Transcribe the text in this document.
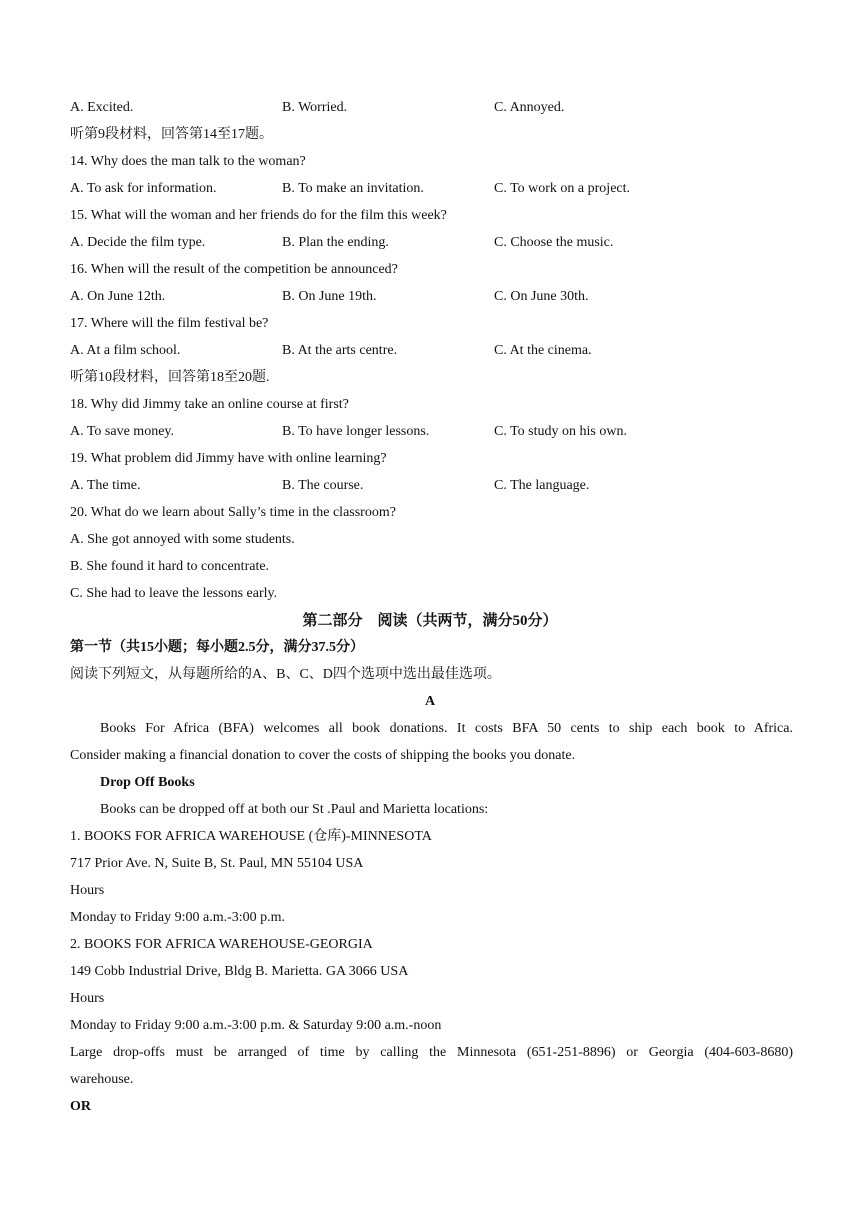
A. Excited.	B. Worried.	C. Annoyed.
听第9段材料，回答第14至17题。
14. Why does the man talk to the woman?
A. To ask for information.	B. To make an invitation.	C. To work on a project.
15. What will the woman and her friends do for the film this week?
A. Decide the film type.	B. Plan the ending.	C. Choose the music.
16. When will the result of the competition be announced?
A. On June 12th.	B. On June 19th.	C. On June 30th.
17. Where will the film festival be?
A. At a film school.	B. At the arts centre.	C. At the cinema.
听第10段材料，回答第18至20题.
18. Why did Jimmy take an online course at first?
A. To save money.	B. To have longer lessons.	C. To study on his own.
19. What problem did Jimmy have with online learning?
A. The time.	B. The course.	C. The language.
20. What do we learn about Sally’s time in the classroom?
A. She got annoyed with some students.
B. She found it hard to concentrate.
C. She had to leave the lessons early.
第二部分　阅读（共两节，满分50分）
第一节（共15小题；每小题2.5分，满分37.5分）
阅读下列短文，从每题所给的A、B、C、D四个选项中选出最佳选项。
A
Books For Africa (BFA) welcomes all book donations. It costs BFA 50 cents to ship each book to Africa.
Consider making a financial donation to cover the costs of shipping the books you donate.
Drop Off Books
Books can be dropped off at both our St .Paul and Marietta locations:
1. BOOKS FOR AFRICA WAREHOUSE (仓库)-MINNESOTA
717 Prior Ave. N, Suite B, St. Paul, MN 55104 USA
Hours
Monday to Friday 9:00 a.m.-3:00 p.m.
2. BOOKS FOR AFRICA WAREHOUSE-GEORGIA
149 Cobb Industrial Drive, Bldg B. Marietta. GA 3066 USA
Hours
Monday to Friday 9:00 a.m.-3:00 p.m. & Saturday 9:00 a.m.-noon
Large drop-offs must be arranged of time by calling the Minnesota (651-251-8896) or Georgia (404-603-8680)
warehouse.
OR
